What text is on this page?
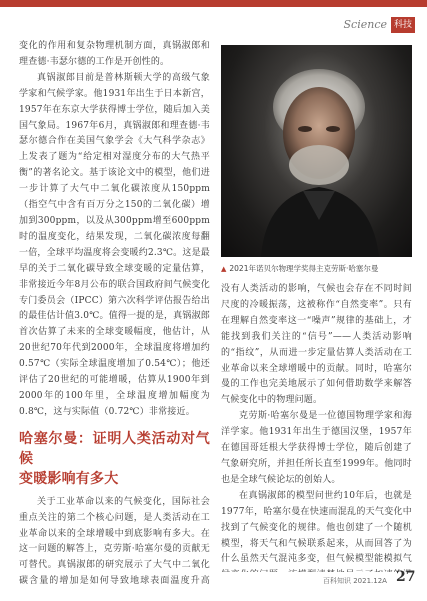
Science 科技

变化的作用和复杂物理机制方面，真锅淑郎和理查德·韦瑟尔德的工作是开创性的。

真锅淑郎目前是普林斯顿大学的高级气象学家和气候学家。他1931年出生于日本新宫，1957年在东京大学获得博士学位，随后加入美国气象局。1967年6月，真锅淑郎和理查德·韦瑟尔德合作在美国气象学会《大气科学杂志》上发表了题为“给定相对湿度分布的大气热平衡”的著名论文。基于该论文中的模型，他们进一步计算了大气中二氧化碳浓度从150ppm（指空气中含有百万分之150的二氧化碳）增加到300ppm，以及从300ppm增至600ppm时的温度变化，结果发现，二氧化碳浓度每翻一倍，全球平均温度将会变暖约2.3℃。这是最早的关于二氧化碳导致全球变暖的定量估算，非常接近今年8月公布的联合国政府间气候变化专门委员会（IPCC）第六次科学评估报告给出的最佳估计值3.0℃。值得一提的是，真锅淑郎首次估算了未来的全球变暖幅度，他估计，从20世纪70年代到2000年，全球温度将增加约0.57℃（实际全球温度增加了0.54℃）；他还评估了20世纪的可能增暖，估算从1900年到2000年的100年里，全球温度增加幅度为0.8℃，这与实际值（0.72℃）非常接近。

哈塞尔曼：证明人类活动对气候
变暖影响有多大

关于工业革命以来的气候变化，国际社会重点关注的第二个核心问题，是人类活动在工业革命以来的全球增暖中到底影响有多大。在这一问题的解答上，克劳斯·哈塞尔曼的贡献无可替代。真锅淑郎的研究展示了大气中二氧化碳含量的增加是如何导致地球表面温度升高

▲ 2021年诺贝尔物理学奖得主克劳斯·哈塞尔曼

没有人类活动的影响，气候也会存在不同时间尺度的冷暖振荡，这被称作“自然变率”。只有在理解自然变率这一“噪声”规律的基础上，才能找到我们关注的“信号”——人类活动影响的“指纹”，从而进一步定量估算人类活动在工业革命以来全球增暖中的贡献。同时，哈塞尔曼的工作也完美地展示了如何借助数学来解答气候变化中的物理问题。

克劳斯·哈塞尔曼是一位德国物理学家和海洋学家。他1931年出生于德国汉堡，1957年在德国哥廷根大学获得博士学位，随后创建了气象研究所，并担任所长直至1999年。他同时也是全球气候论坛的创始人。

在真锅淑郎的模型问世约10年后，也就是1977年，哈塞尔曼在快速而混乱的天气变化中找到了气候变化的规律。他也创建了一个随机模型，将天气和气候联系起来，从而回答了为什么虽然天气混沌多变，但气候模型能模拟气

百科知识 2021.12A 27
